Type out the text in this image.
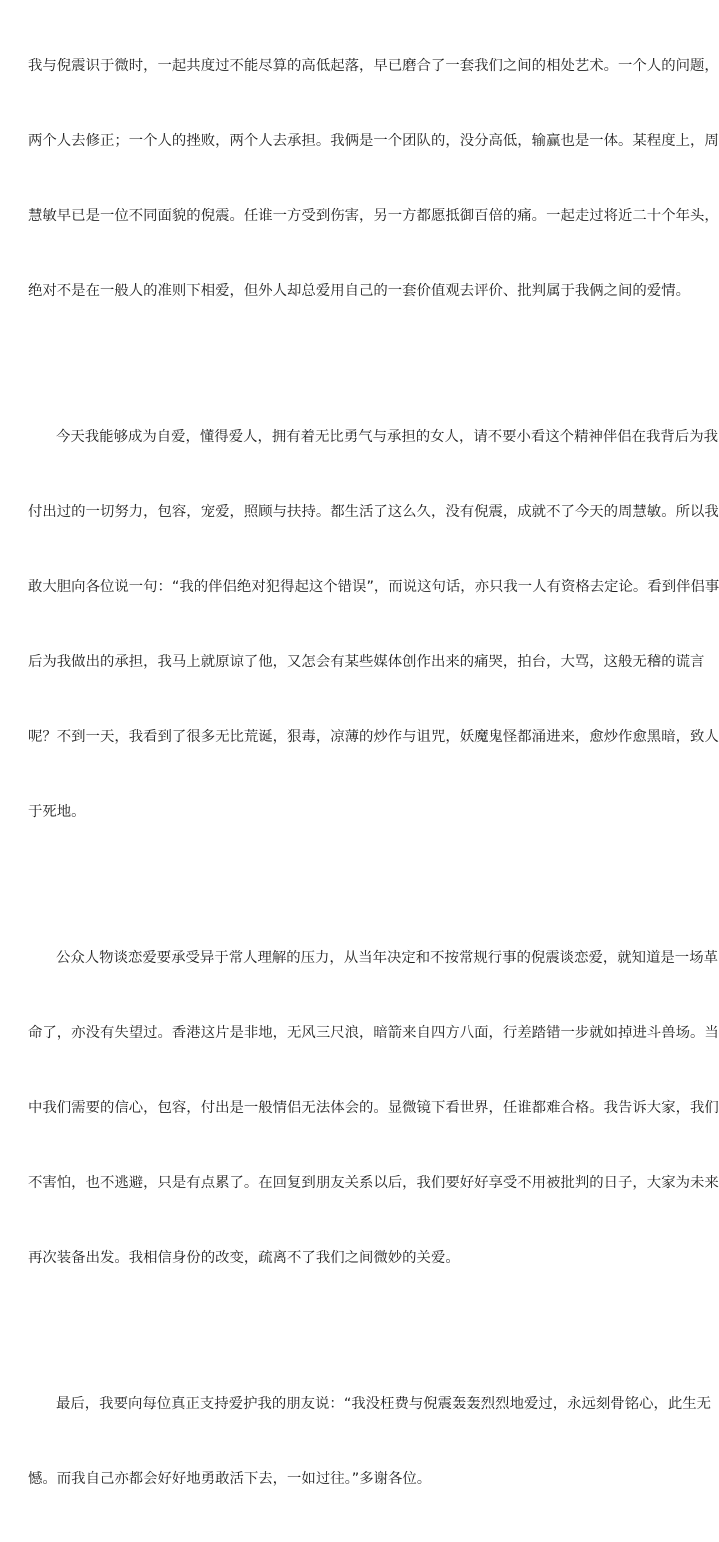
我与倪震识于微时，一起共度过不能尽算的高低起落，早已磨合了一套我们之间的相处艺术。一个人的问题，

两个人去修正；一个人的挫败，两个人去承担。我俩是一个团队的，没分高低，输赢也是一体。某程度上，周

慧敏早已是一位不同面貌的倪震。任谁一方受到伤害，另一方都愿抵御百倍的痛。一起走过将近二十个年头，

绝对不是在一般人的准则下相爱，但外人却总爱用自己的一套价值观去评价、批判属于我俩之间的爱情。

今天我能够成为自爱，懂得爱人，拥有着无比勇气与承担的女人，请不要小看这个精神伴侣在我背后为我

付出过的一切努力，包容，宠爱，照顾与扶持。都生活了这么久，没有倪震，成就不了今天的周慧敏。所以我

敢大胆向各位说一句：“我的伴侣绝对犯得起这个错误”，而说这句话，亦只我一人有资格去定论。看到伴侣事

后为我做出的承担，我马上就原谅了他，又怎会有某些媒体创作出来的痛哭，拍台，大骂，这般无稽的谎言

呢？不到一天，我看到了很多无比荒诞，狠毒，凉薄的炒作与诅咒，妖魔鬼怪都涌进来，愈炒作愈黑暗，致人

于死地。

公众人物谈恋爱要承受异于常人理解的压力，从当年决定和不按常规行事的倪震谈恋爱，就知道是一场革

命了，亦没有失望过。香港这片是非地，无风三尺浪，暗箭来自四方八面，行差踏错一步就如掉进斗兽场。当

中我们需要的信心，包容，付出是一般情侣无法体会的。显微镜下看世界，任谁都难合格。我告诉大家，我们

不害怕，也不逃避，只是有点累了。在回复到朋友关系以后，我们要好好享受不用被批判的日子，大家为未来

再次装备出发。我相信身份的改变，疏离不了我们之间微妙的关爱。

最后，我要向每位真正支持爱护我的朋友说：“我没枉费与倪震轰轰烈烈地爱过，永远刻骨铭心，此生无

憾。而我自己亦都会好好地勇敢活下去，一如过往。”多谢各位。
